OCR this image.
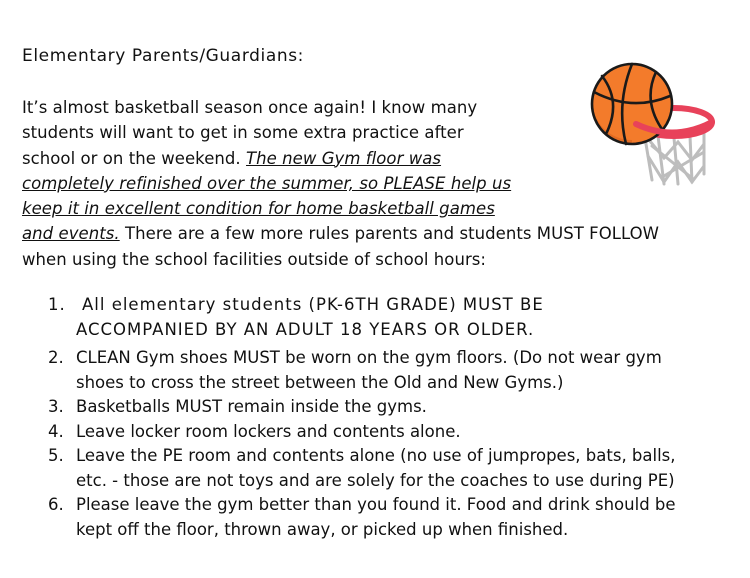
Elementary Parents/Guardians:
It’s almost basketball season once again! I know many
students will want to get in some extra practice after
school or on the weekend. The new Gym floor was
completely refinished over the summer, so PLEASE help us
keep it in excellent condition for home basketball games
and events. There are a few more rules parents and students MUST FOLLOW
when using the school facilities outside of school hours:
1. All elementary students (PK-6TH GRADE) MUST BE
ACCOMPANIED BY AN ADULT 18 YEARS OR OLDER.
2. CLEAN Gym shoes MUST be worn on the gym floors. (Do not wear gym
shoes to cross the street between the Old and New Gyms.)
3. Basketballs MUST remain inside the gyms.
4. Leave locker room lockers and contents alone.
5. Leave the PE room and contents alone (no use of jumpropes, bats, balls,
etc. - those are not toys and are solely for the coaches to use during PE)
6. Please leave the gym better than you found it. Food and drink should be
kept off the floor, thrown away, or picked up when finished.
